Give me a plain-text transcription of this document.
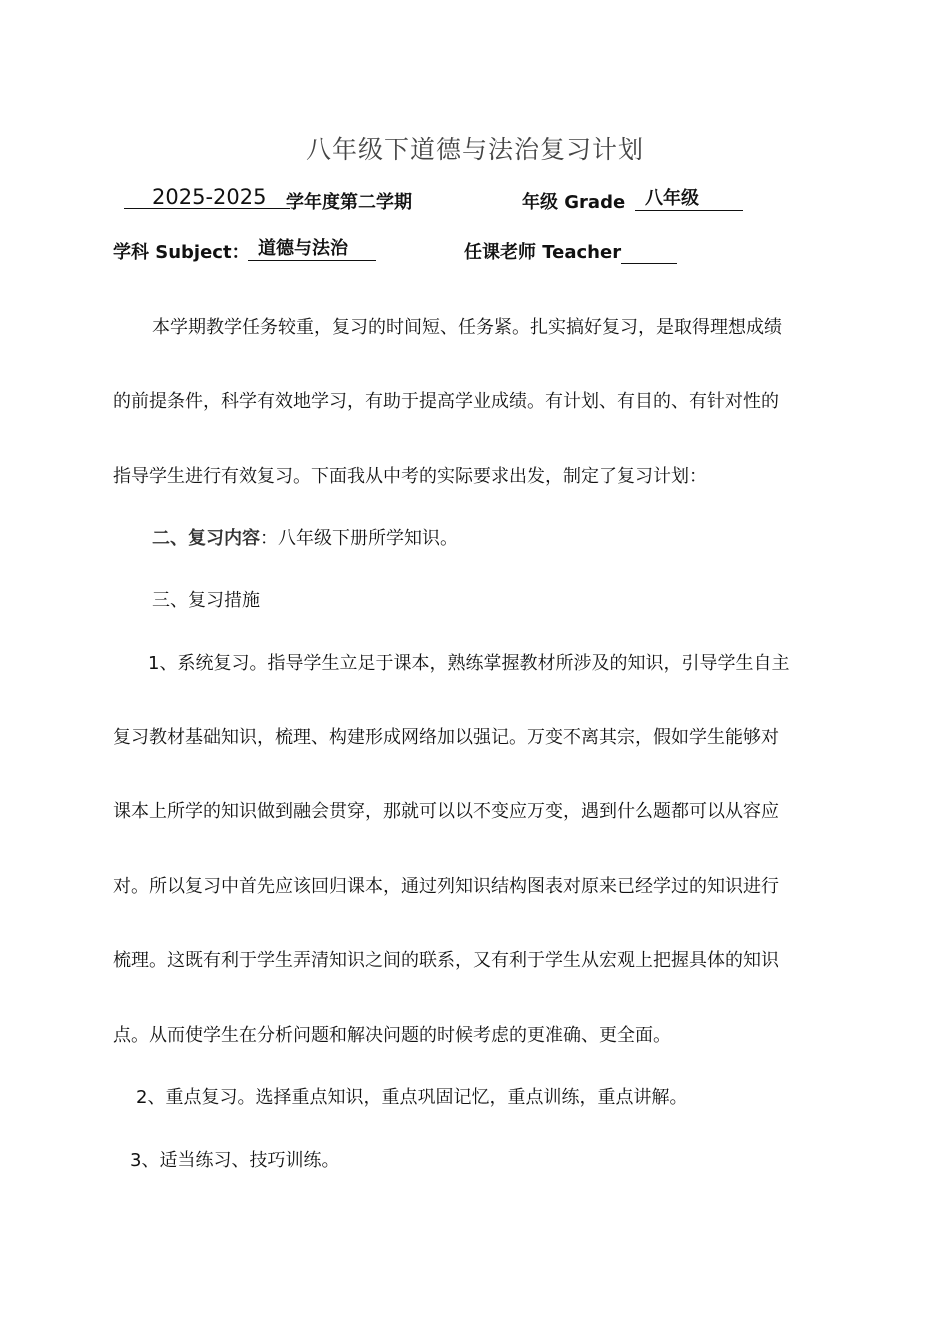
八年级下道德与法治复习计划
2025-2025	学年度第二学期	年级 Grade	八年级
学科 Subject： 道德与法治	任课老师 Teacher
本学期教学任务较重，复习的时间短、任务紧。扎实搞好复习，是取得理想成绩
的前提条件，科学有效地学习，有助于提高学业成绩。有计划、有目的、有针对性的
指导学生进行有效复习。下面我从中考的实际要求出发，制定了复习计划：
二、复习内容：八年级下册所学知识。
三、复习措施
1、系统复习。指导学生立足于课本，熟练掌握教材所涉及的知识，引导学生自主
复习教材基础知识，梳理、构建形成网络加以强记。万变不离其宗，假如学生能够对
课本上所学的知识做到融会贯穿，那就可以以不变应万变，遇到什么题都可以从容应
对。所以复习中首先应该回归课本，通过列知识结构图表对原来已经学过的知识进行
梳理。这既有利于学生弄清知识之间的联系，又有利于学生从宏观上把握具体的知识
点。从而使学生在分析问题和解决问题的时候考虑的更准确、更全面。
2、重点复习。选择重点知识，重点巩固记忆，重点训练，重点讲解。
3、适当练习、技巧训练。
